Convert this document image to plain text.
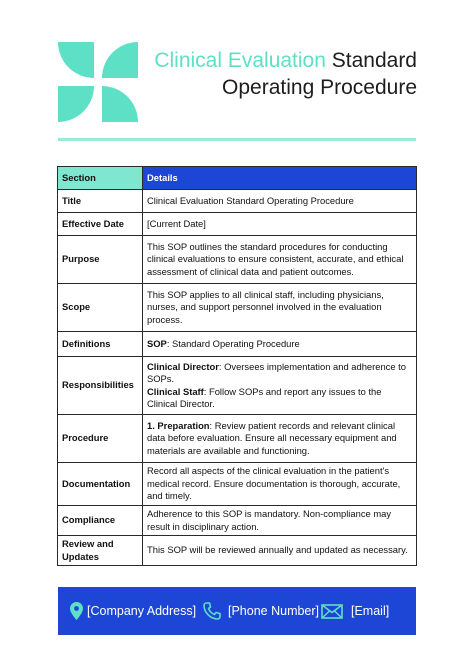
Clinical Evaluation Standard Operating Procedure
Section	Details
Title	Clinical Evaluation Standard Operating Procedure
Effective Date	[Current Date]
Purpose	This SOP outlines the standard procedures for conducting clinical evaluations to ensure consistent, accurate, and ethical assessment of clinical data and patient outcomes.
Scope	This SOP applies to all clinical staff, including physicians, nurses, and support personnel involved in the evaluation process.
Definitions	SOP: Standard Operating Procedure
Responsibilities	Clinical Director: Oversees implementation and adherence to SOPs.
Clinical Staff: Follow SOPs and report any issues to the Clinical Director.

Procedure	1. Preparation: Review patient records and relevant clinical data before evaluation. Ensure all necessary equipment and materials are available and functioning.
Documentation	Record all aspects of the clinical evaluation in the patient's medical record. Ensure documentation is thorough, accurate, and timely.
Compliance	Adherence to this SOP is mandatory. Non-compliance may result in disciplinary action.
Review and Updates	This SOP will be reviewed annually and updated as necessary.
[Company Address]	[Phone Number]	[Email]
